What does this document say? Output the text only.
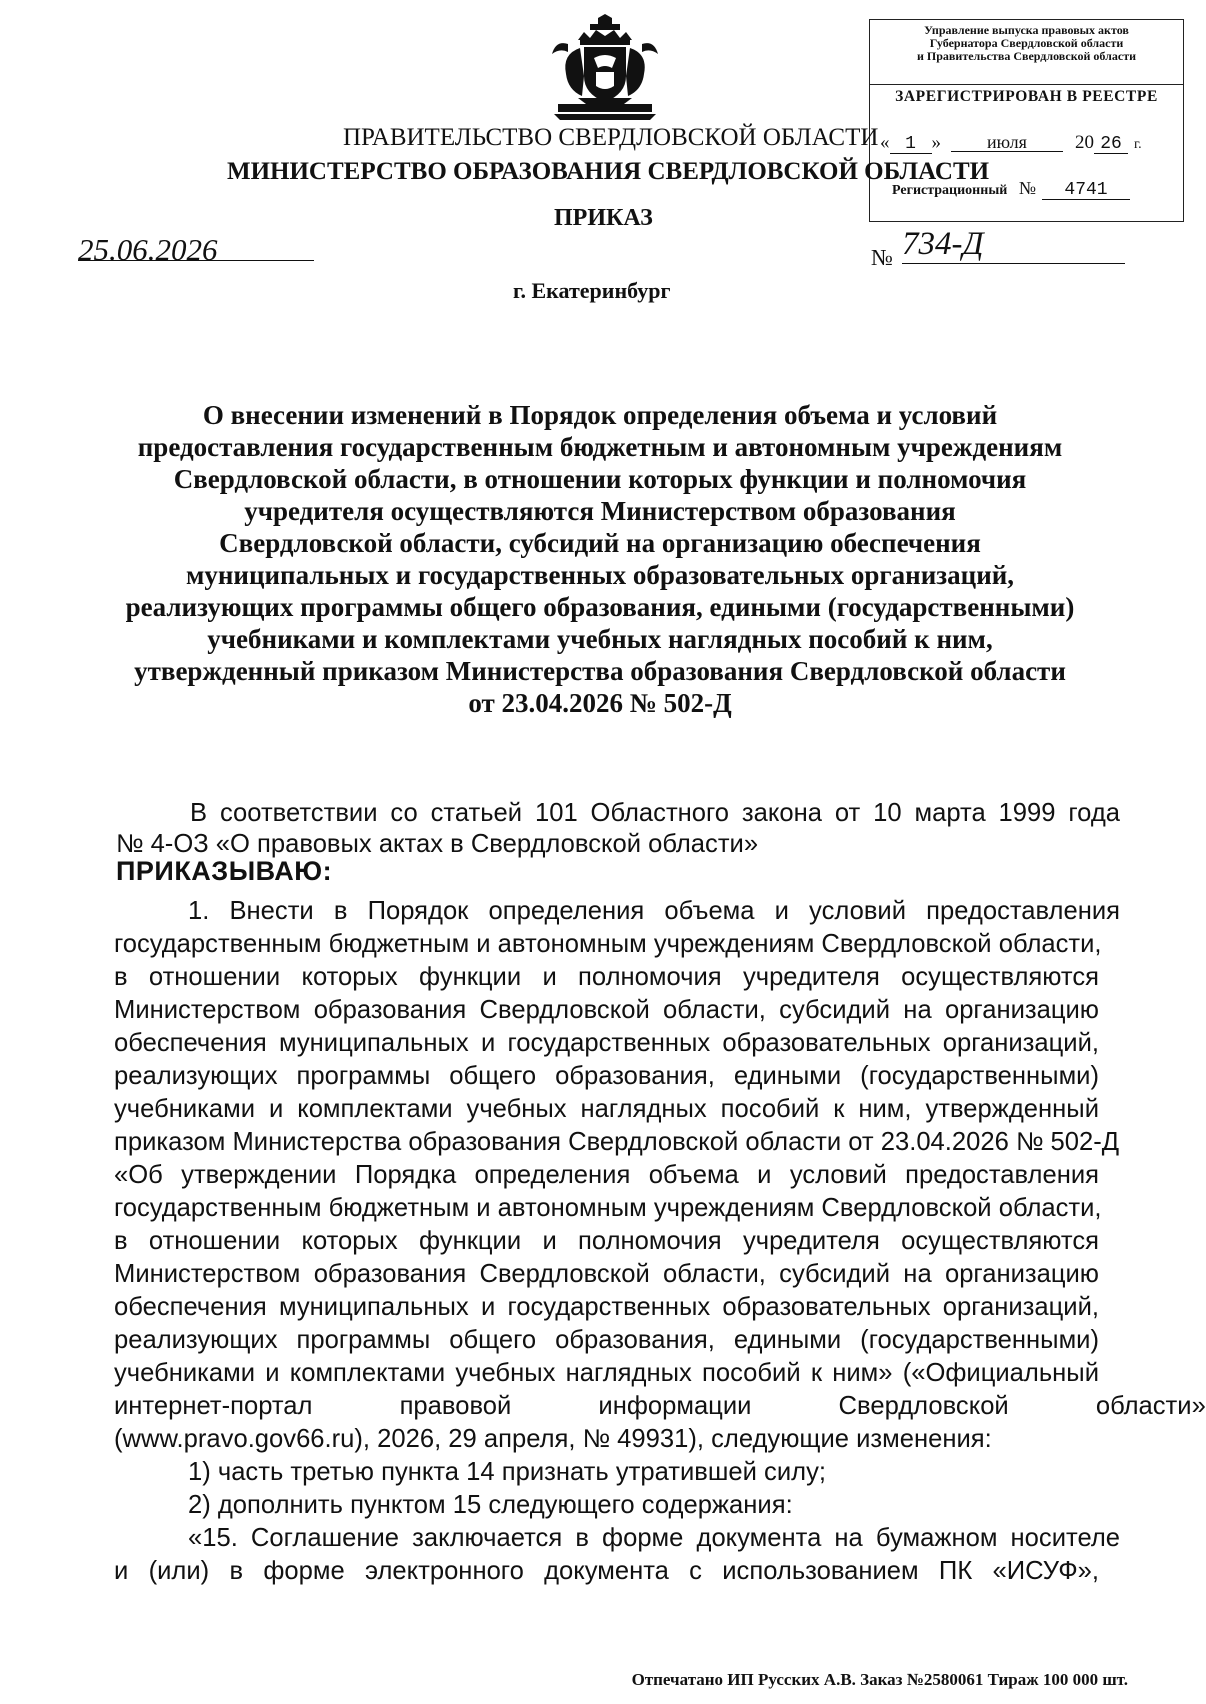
Управление выпуска правовых актов
Губернатора Свердловской области
и Правительства Свердловской области
ЗАРЕГИСТРИРОВАН В РЕЕСТРЕ
« 1 »	июля	20 26 г.
Регистрационный № 4741
ПРАВИТЕЛЬСТВО СВЕРДЛОВСКОЙ ОБЛАСТИ
МИНИСТЕРСТВО ОБРАЗОВАНИЯ СВЕРДЛОВСКОЙ ОБЛАСТИ
ПРИКАЗ
25.06.2026	№ 734-Д
г. Екатеринбург
О внесении изменений в Порядок определения объема и условий
предоставления государственным бюджетным и автономным учреждениям
Свердловской области, в отношении которых функции и полномочия
учредителя осуществляются Министерством образования
Свердловской области, субсидий на организацию обеспечения
муниципальных и государственных образовательных организаций,
реализующих программы общего образования, едиными (государственными)
учебниками и комплектами учебных наглядных пособий к ним,
утвержденный приказом Министерства образования Свердловской области
от 23.04.2026 № 502-Д
В соответствии со статьей 101 Областного закона от 10 марта 1999 года
№ 4-ОЗ «О правовых актах в Свердловской области»
ПРИКАЗЫВАЮ:
1. Внести в Порядок определения объема и условий предоставления
государственным бюджетным и автономным учреждениям Свердловской области,
в отношении которых функции и полномочия учредителя осуществляются
Министерством образования Свердловской области, субсидий на организацию
обеспечения муниципальных и государственных образовательных организаций,
реализующих программы общего образования, едиными (государственными)
учебниками и комплектами учебных наглядных пособий к ним, утвержденный
приказом Министерства образования Свердловской области от 23.04.2026 № 502-Д
«Об утверждении Порядка определения объема и условий предоставления
государственным бюджетным и автономным учреждениям Свердловской области,
в отношении которых функции и полномочия учредителя осуществляются
Министерством образования Свердловской области, субсидий на организацию
обеспечения муниципальных и государственных образовательных организаций,
реализующих программы общего образования, едиными (государственными)
учебниками и комплектами учебных наглядных пособий к ним» («Официальный
интернет-портал правовой информации Свердловской области»
(www.pravo.gov66.ru), 2026, 29 апреля, № 49931), следующие изменения:
1) часть третью пункта 14 признать утратившей силу;
2) дополнить пунктом 15 следующего содержания:
«15. Соглашение заключается в форме документа на бумажном носителе
и (или) в форме электронного документа с использованием ПК «ИСУФ»,
Отпечатано ИП Русских А.В. Заказ №2580061 Тираж 100 000 шт.
